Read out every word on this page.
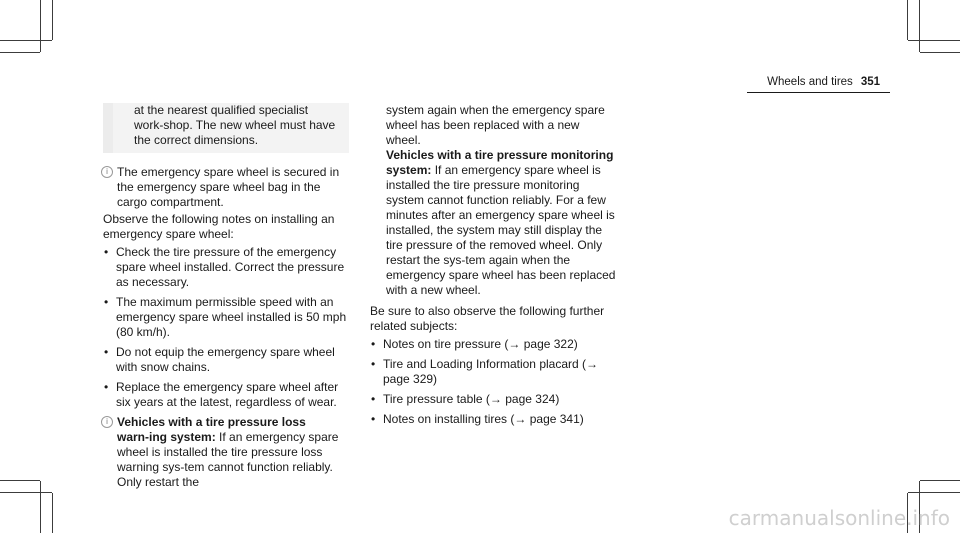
Wheels and tires 351

at the nearest qualified specialist work‑shop. The new wheel must have the correct dimensions.

i The emergency spare wheel is secured in the emergency spare wheel bag in the cargo compartment.

Observe the following notes on installing an emergency spare wheel:

• Check the tire pressure of the emergency spare wheel installed. Correct the pressure as necessary.
• The maximum permissible speed with an emergency spare wheel installed is 50 mph (80 km/h).
• Do not equip the emergency spare wheel with snow chains.
• Replace the emergency spare wheel after six years at the latest, regardless of wear.
i Vehicles with a tire pressure loss warn‑ing system: If an emergency spare wheel is installed the tire pressure loss warning sys‑tem cannot function reliably. Only restart the

system again when the emergency spare wheel has been replaced with a new wheel.

Vehicles with a tire pressure monitoring system: If an emergency spare wheel is installed the tire pressure monitoring system cannot function reliably. For a few minutes after an emergency spare wheel is installed, the system may still display the tire pressure of the removed wheel. Only restart the sys‑tem again when the emergency spare wheel has been replaced with a new wheel.

Be sure to also observe the following further related subjects:

• Notes on tire pressure (→ page 322)
• Tire and Loading Information placard (→ page 329)
• Tire pressure table (→ page 324)
• Notes on installing tires (→ page 341)
carmanualsonline.info
